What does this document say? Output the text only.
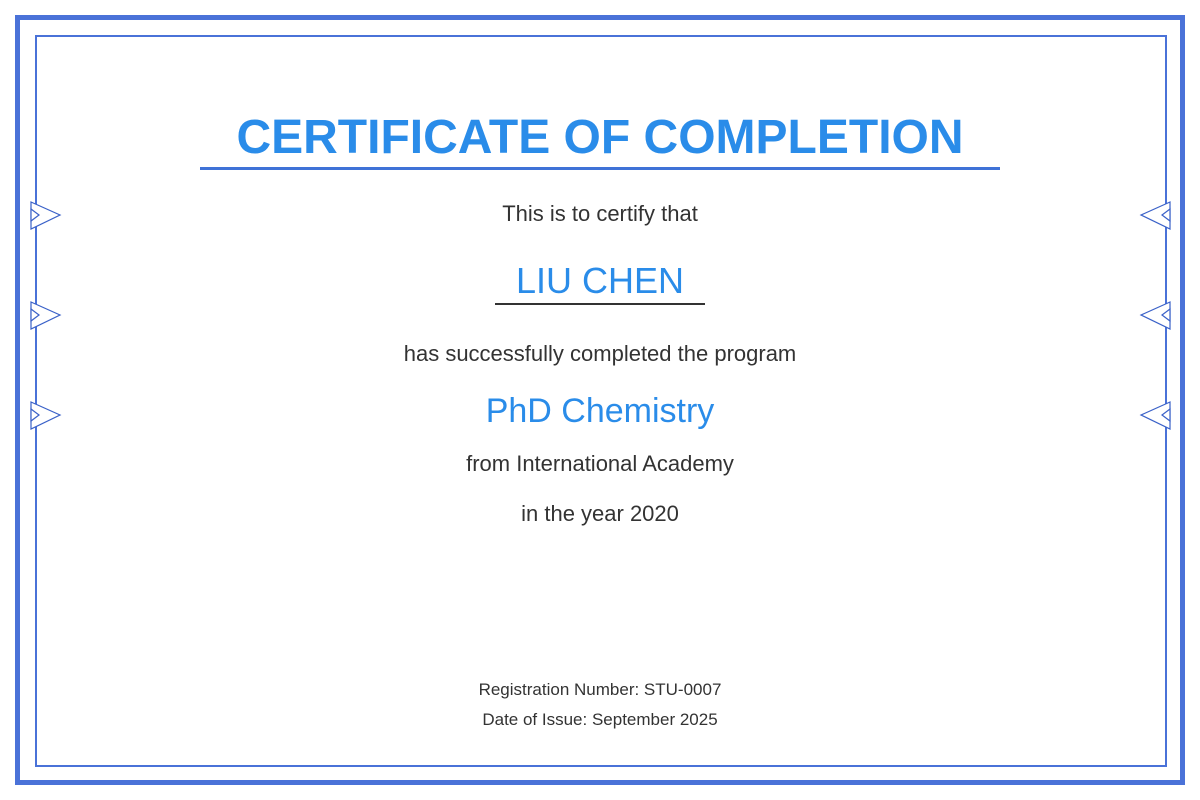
CERTIFICATE OF COMPLETION
This is to certify that
LIU CHEN
has successfully completed the program
PhD Chemistry
from International Academy
in the year 2020
Registration Number: STU-0007
Date of Issue: September 2025
